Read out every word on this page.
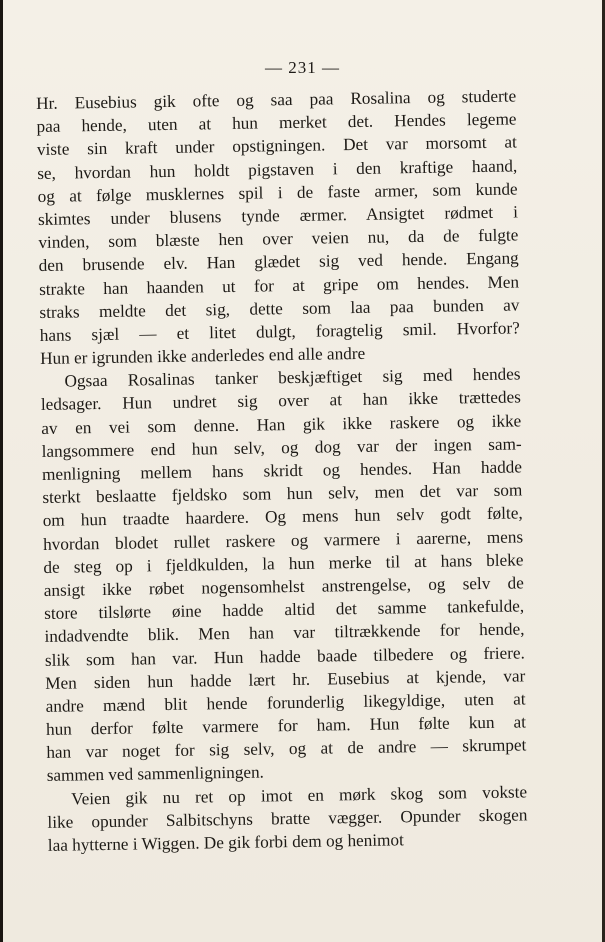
— 231 —
Hr. Eusebius gik ofte og saa paa Rosalina og studerte
paa hende, uten at hun merket det. Hendes legeme
viste sin kraft under opstigningen. Det var morsomt at
se, hvordan hun holdt pigstaven i den kraftige haand,
og at følge musklernes spil i de faste armer, som kunde
skimtes under blusens tynde ærmer. Ansigtet rødmet i
vinden, som blæste hen over veien nu, da de fulgte
den brusende elv. Han glædet sig ved hende. Engang
strakte han haanden ut for at gripe om hendes. Men
straks meldte det sig, dette som laa paa bunden av
hans sjæl — et litet dulgt, foragtelig smil. Hvorfor?
Hun er igrunden ikke anderledes end alle andre
Ogsaa Rosalinas tanker beskjæftiget sig med hendes
ledsager. Hun undret sig over at han ikke trættedes
av en vei som denne. Han gik ikke raskere og ikke
langsommere end hun selv, og dog var der ingen sam-
menligning mellem hans skridt og hendes. Han hadde
sterkt beslaatte fjeldsko som hun selv, men det var som
om hun traadte haardere. Og mens hun selv godt følte,
hvordan blodet rullet raskere og varmere i aarerne, mens
de steg op i fjeldkulden, la hun merke til at hans bleke
ansigt ikke røbet nogensomhelst anstrengelse, og selv de
store tilslørte øine hadde altid det samme tankefulde,
indadvendte blik. Men han var tiltrækkende for hende,
slik som han var. Hun hadde baade tilbedere og friere.
Men siden hun hadde lært hr. Eusebius at kjende, var
andre mænd blit hende forunderlig likegyldige, uten at
hun derfor følte varmere for ham. Hun følte kun at
han var noget for sig selv, og at de andre — skrumpet
sammen ved sammenligningen.
Veien gik nu ret op imot en mørk skog som vokste
like opunder Salbitschyns bratte vægger. Opunder skogen
laa hytterne i Wiggen. De gik forbi dem og henimot
